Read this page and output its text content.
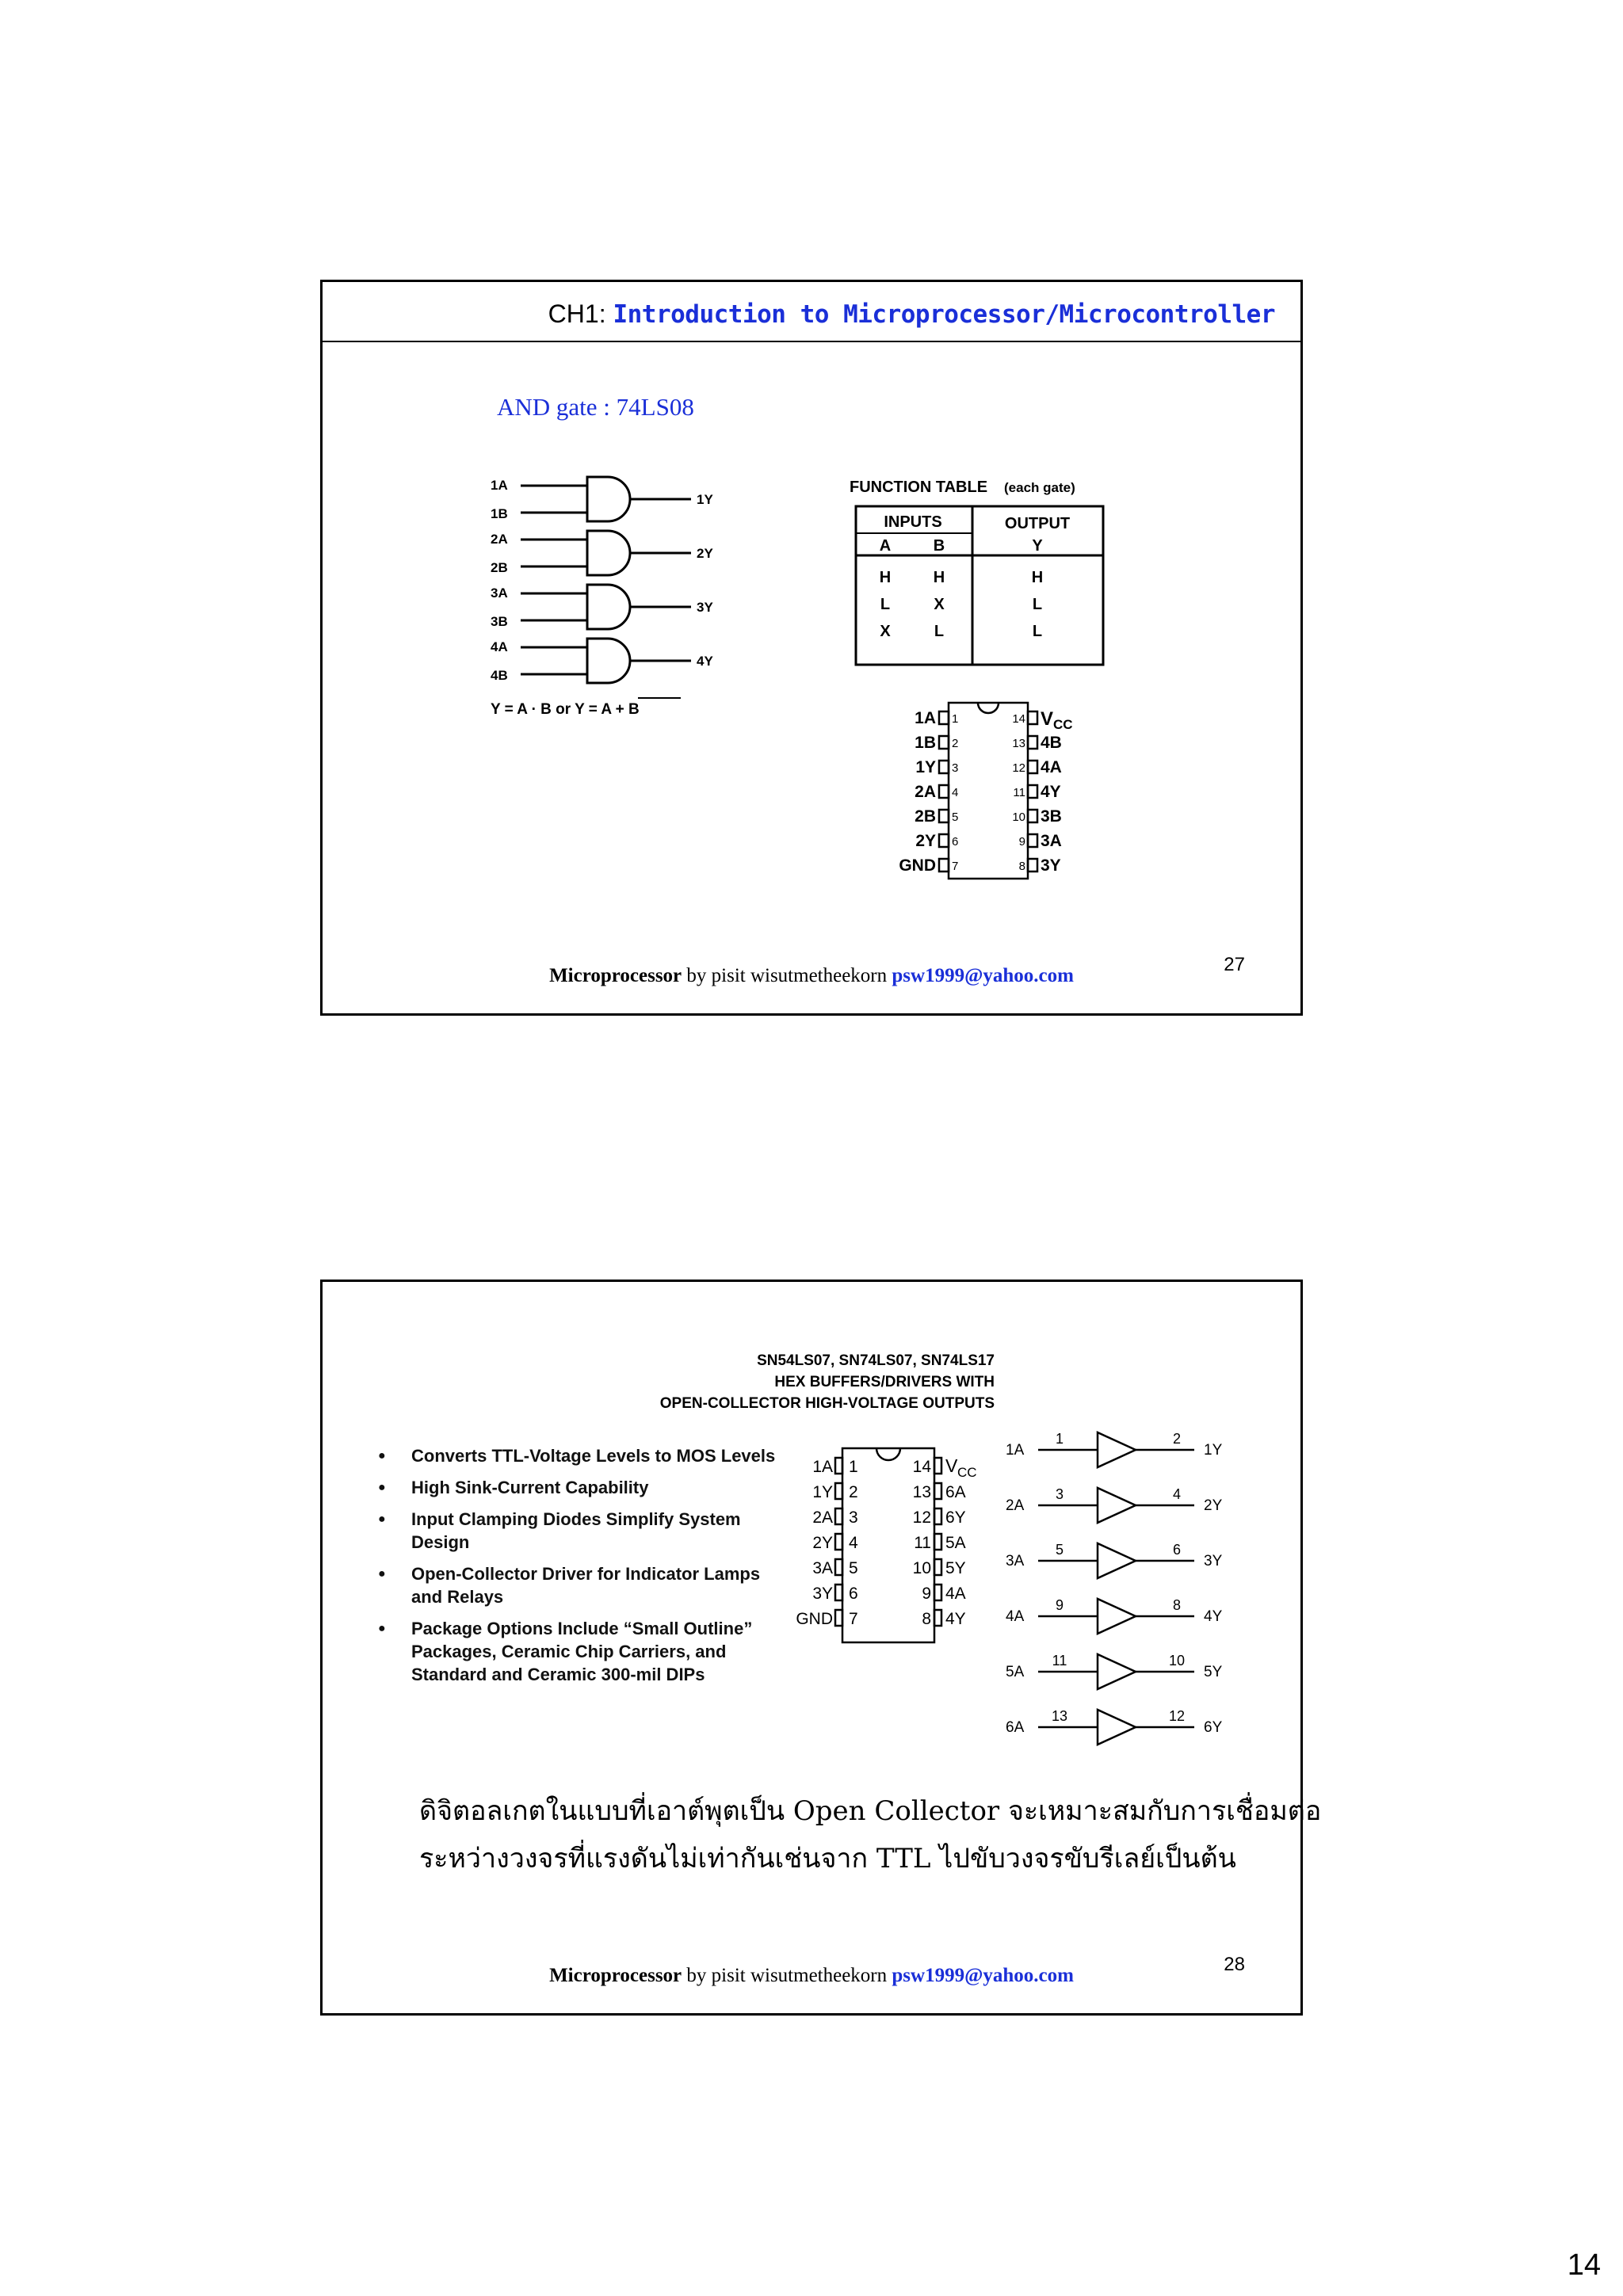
CH1: Introduction to Microprocessor/Microcontroller
AND gate : 74LS08
1A
1B
2A
2B
3A
3B
4A
4B
1Y
2Y
3Y
4Y
Y = A · B or Y = A + B
FUNCTION TABLE (each gate)
INPUTS	OUTPUT
A	B	Y
H	H	H
L	X	L
X	L	L
1A
1B
1Y
2A
2B
2Y
GND
1
2
3
4
5
6
7
14
13
12
11
10
9
8
V CC
4B
4A
4Y
3B
3A
3Y
Microprocessor by pisit wisutmetheekorn psw1999@yahoo.com
27
SN54LS07, SN74LS07, SN74LS17
HEX BUFFERS/DRIVERS WITH
OPEN-COLLECTOR HIGH-VOLTAGE OUTPUTS
● Converts TTL-Voltage Levels to MOS Levels
● High Sink-Current Capability
● Input Clamping Diodes Simplify System Design
● Open-Collector Driver for Indicator Lamps and Relays
● Package Options Include “Small Outline” Packages, Ceramic Chip Carriers, and Standard and Ceramic 300-mil DIPs
1A
1Y
2A
2Y
3A
3Y
GND
1
2
3
4
5
6
7
14
13
12
11
10
9
8
V CC
6A
6Y
5A
5Y
4A
4Y
1A
2A
3A
4A
5A
6A
1Y
2Y
3Y
4Y
5Y
6Y
1
3
5
9
11
13
2
4
6
8
10
12
ดิจิตอลเกตในแบบที่เอาต์พุตเป็น Open Collector จะเหมาะสมกับการเชื่อมต่อ
ระหว่างวงจรที่แรงดันไม่เท่ากันเช่นจาก TTL ไปขับวงจรขับรีเลย์เป็นต้น
Microprocessor by pisit wisutmetheekorn psw1999@yahoo.com
28
14
